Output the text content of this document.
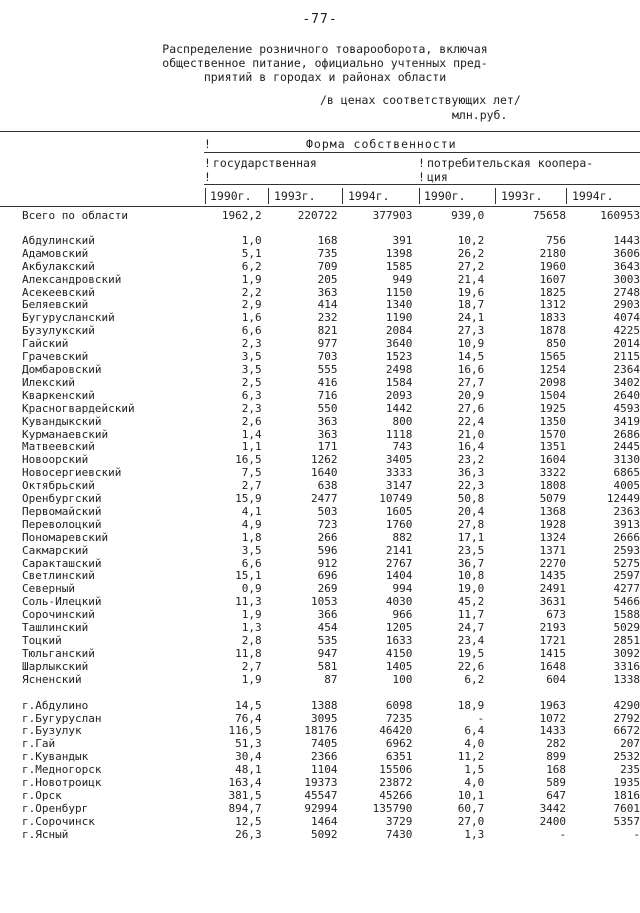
-77-
Распределение розничного товарооборота, включая
общественное питание, официально учтенных пред-
приятий в городах и районах области
/в ценах соответствующих лет/
млн.руб.
!	Форма собственности
! государственная	! потребительская коопера-
!	! ция
1990г. 1993г.	1994г.	1990г.	1993г.	1994г.
Всего по области	1962,2	220722	377903	939,0	75658	160953
Абдулинский	1,0	168	391	10,2	756	1443
Адамовский	5,1	735	1398	26,2	2180	3606
Акбулакский	6,2	709	1585	27,2	1960	3643
Александровский	1,9	205	949	21,4	1607	3003
Асекеевский	2,2	363	1150	19,6	1825	2748
Беляевский	2,9	414	1340	18,7	1312	2903
Бугурусланский	1,6	232	1190	24,1	1833	4074
Бузулукский	6,6	821	2084	27,3	1878	4225
Гайский	2,3	977	3640	10,9	850	2014
Грачевский	3,5	703	1523	14,5	1565	2115
Домбаровский	3,5	555	2498	16,6	1254	2364
Илекский	2,5	416	1584	27,7	2098	3402
Кваркенский	6,3	716	2093	20,9	1504	2640
Красногвардейский	2,3	550	1442	27,6	1925	4593
Кувандыкский	2,6	363	800	22,4	1350	3419
Курманаевский	1,4	363	1118	21,0	1570	2686
Матвеевский	1,1	171	743	16,4	1351	2445
Новоорский	16,5	1262	3405	23,2	1604	3130
Новосергиевский	7,5	1640	3333	36,3	3322	6865
Октябрьский	2,7	638	3147	22,3	1808	4005
Оренбургский	15,9	2477	10749	50,8	5079	12449
Первомайский	4,1	503	1605	20,4	1368	2363
Переволоцкий	4,9	723	1760	27,8	1928	3913
Пономаревский	1,8	266	882	17,1	1324	2666
Сакмарский	3,5	596	2141	23,5	1371	2593
Саракташский	6,6	912	2767	36,7	2270	5275
Светлинский	15,1	696	1404	10,8	1435	2597
Северный	0,9	269	994	19,0	2491	4277
Соль-Илецкий	11,3	1053	4030	45,2	3631	5466
Сорочинский	1,9	366	966	11,7	673	1588
Ташлинский	1,3	454	1205	24,7	2193	5029
Тоцкий	2,8	535	1633	23,4	1721	2851
Тюльганский	11,8	947	4150	19,5	1415	3092
Шарлыкский	2,7	581	1405	22,6	1648	3316
Ясненский	1,9	87	100	6,2	604	1338
г.Абдулино	14,5	1388	6098	18,9	1963	4290
г.Бугуруслан	76,4	3095	7235	-	1072	2792
г.Бузулук	116,5	18176	46420	6,4	1433	6672
г.Гай	51,3	7405	6962	4,0	282	207
г.Кувандык	30,4	2366	6351	11,2	899	2532
г.Медногорск	48,1	1104	15506	1,5	168	235
г.Новотроицк	163,4	19373	23872	4,0	589	1935
г.Орск	381,5	45547	45266	10,1	647	1816
г.Оренбург	894,7	92994	135790	60,7	3442	7601
г.Сорочинск	12,5	1464	3729	27,0	2400	5357
г.Ясный	26,3	5092	7430	1,3	-	-
